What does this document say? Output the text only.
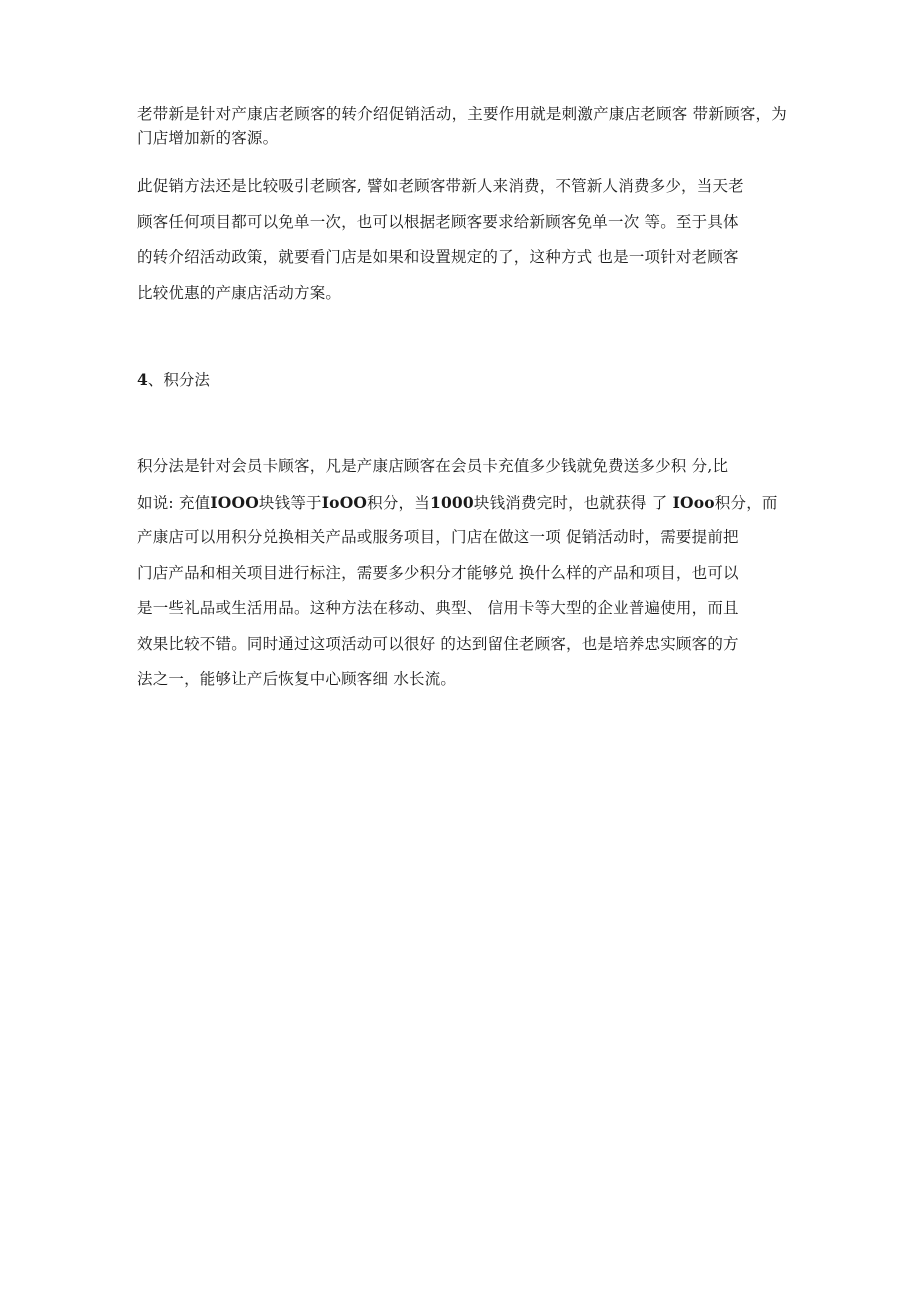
老带新是针对产康店老顾客的转介绍促销活动，主要作用就是刺激产康店老顾客 带新顾客，为门店增加新的客源。

此促销方法还是比较吸引老顾客, 譬如老顾客带新人来消费，不管新人消费多少，当天老
顾客任何项目都可以免单一次，也可以根据老顾客要求给新顾客免单一次 等。至于具体
的转介绍活动政策，就要看门店是如果和设置规定的了，这种方式 也是一项针对老顾客
比较优惠的产康店活动方案。
4、积分法
积分法是针对会员卡顾客，凡是产康店顾客在会员卡充值多少钱就免费送多少积 分,比
如说: 充值IOOO块钱等于IoOO积分，当1000块钱消费完时，也就获得 了 IOoo积分，而
产康店可以用积分兑换相关产品或服务项目，门店在做这一项 促销活动时，需要提前把
门店产品和相关项目进行标注，需要多少积分才能够兑 换什么样的产品和项目，也可以
是一些礼品或生活用品。这种方法在移动、典型、 信用卡等大型的企业普遍使用，而且
效果比较不错。同时通过这项活动可以很好 的达到留住老顾客，也是培养忠实顾客的方
法之一，能够让产后恢复中心顾客细 水长流。
